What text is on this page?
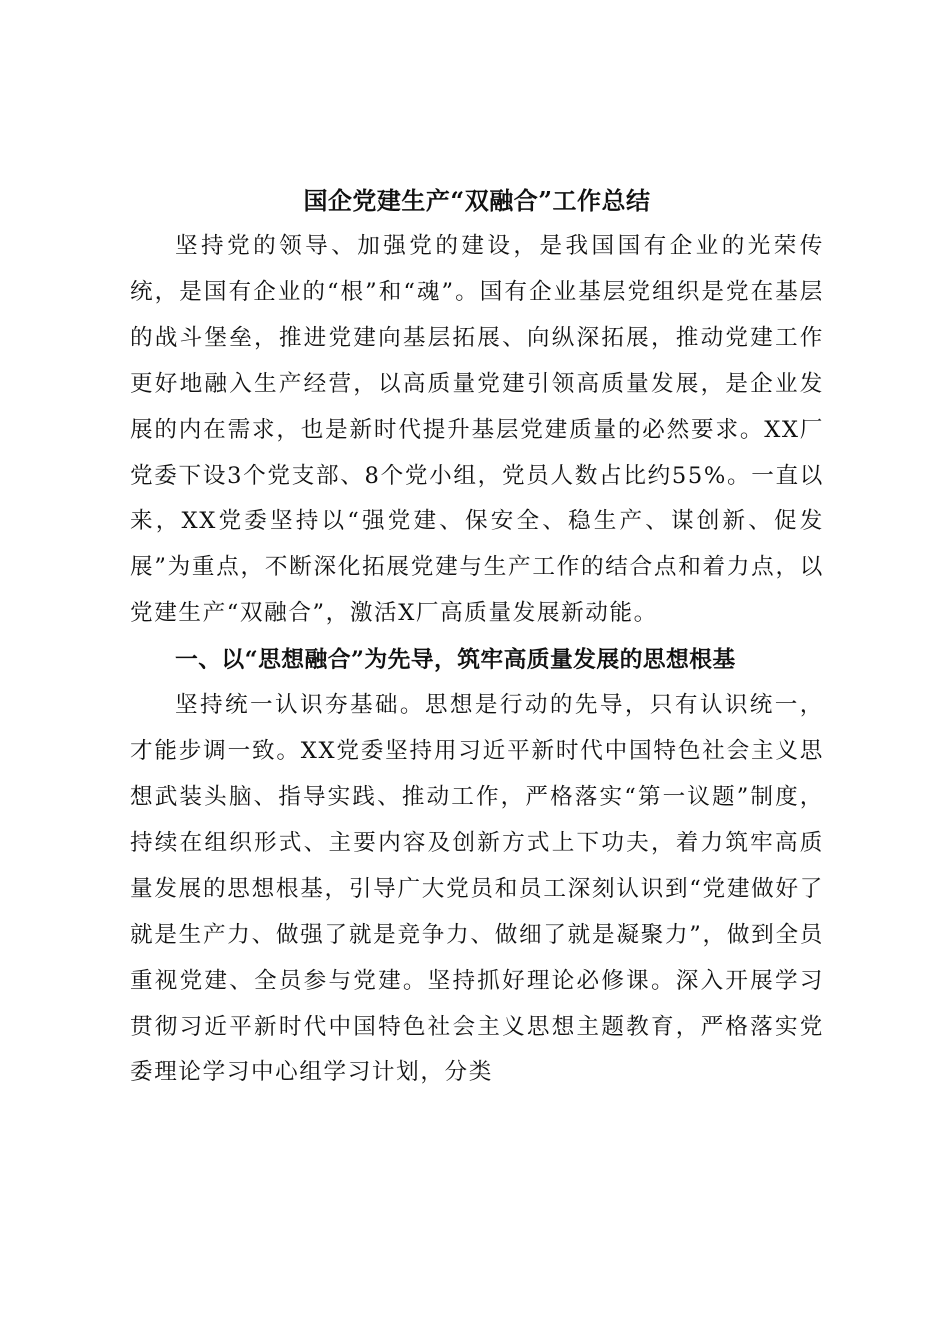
国企党建生产“双融合”工作总结

坚持党的领导、加强党的建设，是我国国有企业的光荣传统，是国有企业的“根”和“魂”。国有企业基层党组织是党在基层的战斗堡垒，推进党建向基层拓展、向纵深拓展，推动党建工作更好地融入生产经营，以高质量党建引领高质量发展，是企业发展的内在需求，也是新时代提升基层党建质量的必然要求。XX厂党委下设3个党支部、8个党小组，党员人数占比约55%。一直以来，XX党委坚持以“强党建、保安全、稳生产、谋创新、促发展”为重点，不断深化拓展党建与生产工作的结合点和着力点，以党建生产“双融合”，激活X厂高质量发展新动能。

一、以“思想融合”为先导，筑牢高质量发展的思想根基

坚持统一认识夯基础。思想是行动的先导，只有认识统一，才能步调一致。XX党委坚持用习近平新时代中国特色社会主义思想武装头脑、指导实践、推动工作，严格落实“第一议题”制度，持续在组织形式、主要内容及创新方式上下功夫，着力筑牢高质量发展的思想根基，引导广大党员和员工深刻认识到“党建做好了就是生产力、做强了就是竞争力、做细了就是凝聚力”，做到全员重视党建、全员参与党建。坚持抓好理论必修课。深入开展学习贯彻习近平新时代中国特色社会主义思想主题教育，严格落实党委理论学习中心组学习计划，分类
